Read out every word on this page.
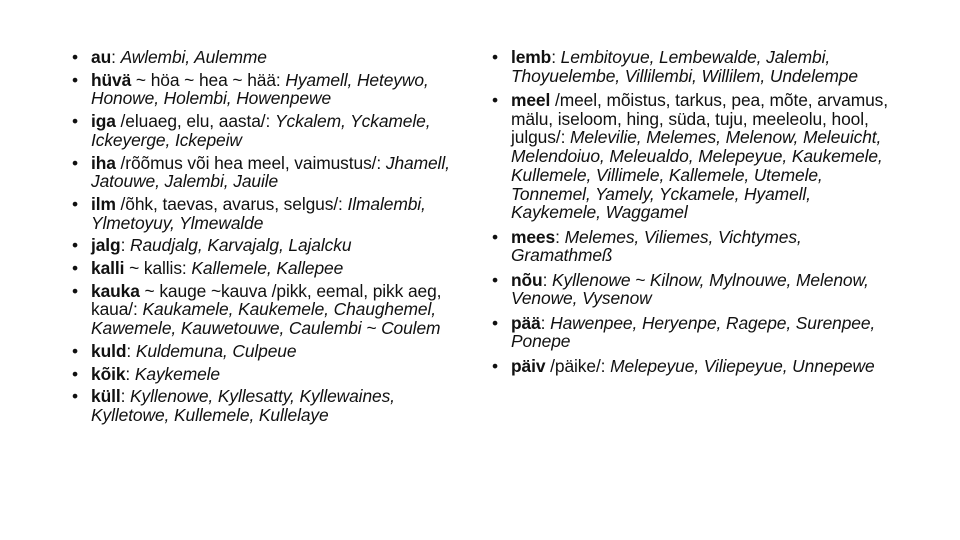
• au: Awlembi, Aulemme
• hüvä ~ höa ~ hea ~ hää: Hyamell, Heteywo, Honowe, Holembi, Howenpewe
• iga /eluaeg, elu, aasta/: Yckalem, Yckamele, Ickeyerge, Ickepeiw
• iha /rõõmus või hea meel, vaimustus/: Jhamell, Jatouwe, Jalembi, Jauile
• ilm /õhk, taevas, avarus, selgus/: Ilmalembi, Ylmetoyuy, Ylmewalde
• jalg: Raudjalg, Karvajalg, Lajalcku
• kalli ~ kallis: Kallemele, Kallepee
• kauka ~ kauge ~kauva /pikk, eemal, pikk aeg, kaua/: Kaukamele, Kaukemele, Chaughemel, Kawemele, Kauwetouwe, Caulembi ~ Coulem
• kuld: Kuldemuna, Culpeue
• kõik: Kaykemele
• küll: Kyllenowe, Kyllesatty, Kyllewaines, Kylletowe, Kullemele, Kullelaye
• lemb: Lembitoyue, Lembewalde, Jalembi, Thoyuelembe, Villilembi, Willilem, Undelempe
• meel /meel, mõistus, tarkus, pea, mõte, arvamus, mälu, iseloom, hing, süda, tuju, meeleolu, hool, julgus/: Melevilie, Melemes, Melenow, Meleuicht, Melendoiuo, Meleualdo, Melepeyue, Kaukemele, Kullemele, Villimele, Kallemele, Utemele, Tonnemel, Yamely, Yckamele, Hyamell, Kaykemele, Waggamel
• mees: Melemes, Viliemes, Vichtymes, Gramathmeß
• nõu: Kyllenowe ~ Kilnow, Mylnouwe, Melenow, Venowe, Vysenow
• pää: Hawenpee, Heryenpe, Ragepe, Surenpee, Ponepe
• päiv /päike/: Melepeyue, Viliepeyue, Unnepewe
